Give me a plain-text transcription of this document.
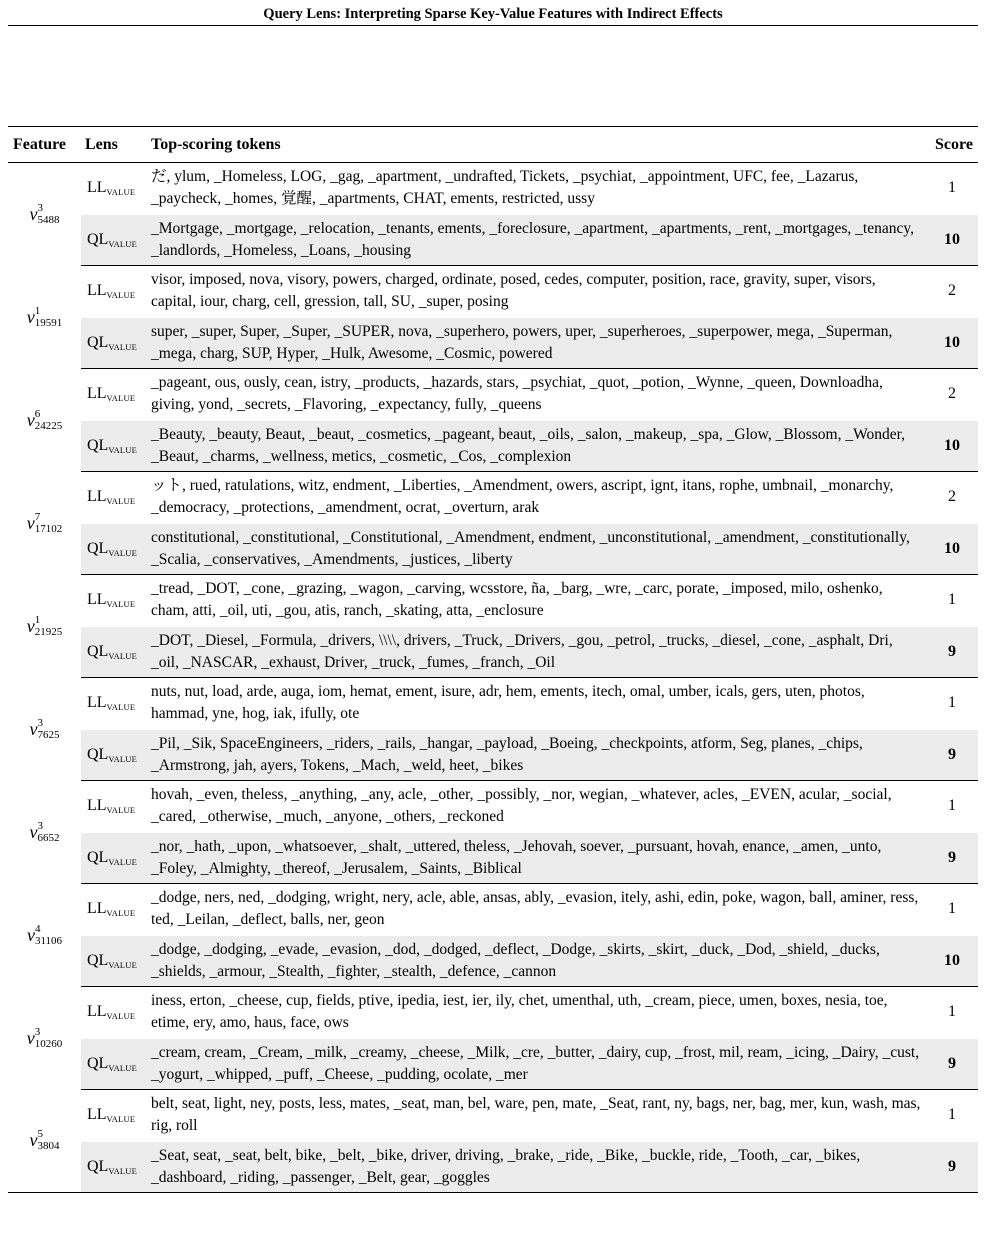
Query Lens: Interpreting Sparse Key-Value Features with Indirect Effects
Feature	Lens	Top-scoring tokens	Score
v 3
5488	LLVALUE	だ, ylum, _Homeless, LOG, _gag, _apartment, _undrafted, Tickets, _psychiat, _appointment, UFC, fee, _Lazarus, _paycheck, _homes, 覚醒, _apartments, CHAT, ements, restricted, ussy	1
	QLVALUE	_Mortgage, _mortgage, _relocation, _tenants, ements, _foreclosure, _apartment, _apartments, _rent, _mortgages, _tenancy, _landlords, _Homeless, _Loans, _housing	10
v 1
19591	LLVALUE	visor, imposed, nova, visory, powers, charged, ordinate, posed, cedes, computer, position, race, gravity, super, visors, capital, iour, charg, cell, gression, tall, SU, _super, posing	2
	QLVALUE	super, _super, Super, _Super, _SUPER, nova, _superhero, powers, uper, _superheroes, _superpower, mega, _Superman, _mega, charg, SUP, Hyper, _Hulk, Awesome, _Cosmic, powered	10
v 6
24225	LLVALUE	_pageant, ous, ously, cean, istry, _products, _hazards, stars, _psychiat, _quot, _potion, _Wynne, _queen, Downloadha, giving, yond, _secrets, _Flavoring, _expectancy, fully, _queens	2
	QLVALUE	_Beauty, _beauty, Beaut, _beaut, _cosmetics, _pageant, beaut, _oils, _salon, _makeup, _spa, _Glow, _Blossom, _Wonder, _Beaut, _charms, _wellness, metics, _cosmetic, _Cos, _complexion	10
v 7
17102	LLVALUE	ット, rued, ratulations, witz, endment, _Liberties, _Amendment, owers, ascript, ignt, itans, rophe, umbnail, _monarchy, _democracy, _protections, _amendment, ocrat, _overturn, arak	2
	QLVALUE	constitutional, _constitutional, _Constitutional, _Amendment, endment, _unconstitutional, _amendment, _constitutionally, _Scalia, _conservatives, _Amendments, _justices, _liberty	10
v 1
21925	LLVALUE	_tread, _DOT, _cone, _grazing, _wagon, _carving, wcsstore, ña, _barg, _wre, _carc, porate, _imposed, milo, oshenko, cham, atti, _oil, uti, _gou, atis, ranch, _skating, atta, _enclosure	1
	QLVALUE	_DOT, _Diesel, _Formula, _drivers, \\\\, drivers, _Truck, _Drivers, _gou, _petrol, _trucks, _diesel, _cone, _asphalt, Dri, _oil, _NASCAR, _exhaust, Driver, _truck, _fumes, _franch, _Oil	9
v 3
7625	LLVALUE	nuts, nut, load, arde, auga, iom, hemat, ement, isure, adr, hem, ements, itech, omal, umber, icals, gers, uten, photos, hammad, yne, hog, iak, ifully, ote	1
	QLVALUE	_Pil, _Sik, SpaceEngineers, _riders, _rails, _hangar, _payload, _Boeing, _checkpoints, atform, Seg, planes, _chips, _Armstrong, jah, ayers, Tokens, _Mach, _weld, heet, _bikes	9
v 3
6652	LLVALUE	hovah, _even, theless, _anything, _any, acle, _other, _possibly, _nor, wegian, _whatever, acles, _EVEN, acular, _social, _cared, _otherwise, _much, _anyone, _others, _reckoned	1
	QLVALUE	_nor, _hath, _upon, _whatsoever, _shalt, _uttered, theless, _Jehovah, soever, _pursuant, hovah, enance, _amen, _unto, _Foley, _Almighty, _thereof, _Jerusalem, _Saints, _Biblical	9
v 4
31106	LLVALUE	_dodge, ners, ned, _dodging, wright, nery, acle, able, ansas, ably, _evasion, itely, ashi, edin, poke, wagon, ball, aminer, ress, ted, _Leilan, _deflect, balls, ner, geon	1
	QLVALUE	_dodge, _dodging, _evade, _evasion, _dod, _dodged, _deflect, _Dodge, _skirts, _skirt, _duck, _Dod, _shield, _ducks, _shields, _armour, _Stealth, _fighter, _stealth, _defence, _cannon	10
v 3
10260	LLVALUE	iness, erton, _cheese, cup, fields, ptive, ipedia, iest, ier, ily, chet, umenthal, uth, _cream, piece, umen, boxes, nesia, toe, etime, ery, amo, haus, face, ows	1
	QLVALUE	_cream, cream, _Cream, _milk, _creamy, _cheese, _Milk, _cre, _butter, _dairy, cup, _frost, mil, ream, _icing, _Dairy, _cust, _yogurt, _whipped, _puff, _Cheese, _pudding, ocolate, _mer	9
v 5
3804	LLVALUE	belt, seat, light, ney, posts, less, mates, _seat, man, bel, ware, pen, mate, _Seat, rant, ny, bags, ner, bag, mer, kun, wash, mas, rig, roll	1
	QLVALUE	_Seat, seat, _seat, belt, bike, _belt, _bike, driver, driving, _brake, _ride, _Bike, _buckle, ride, _Tooth, _car, _bikes, _dashboard, _riding, _passenger, _Belt, gear, _goggles	9
